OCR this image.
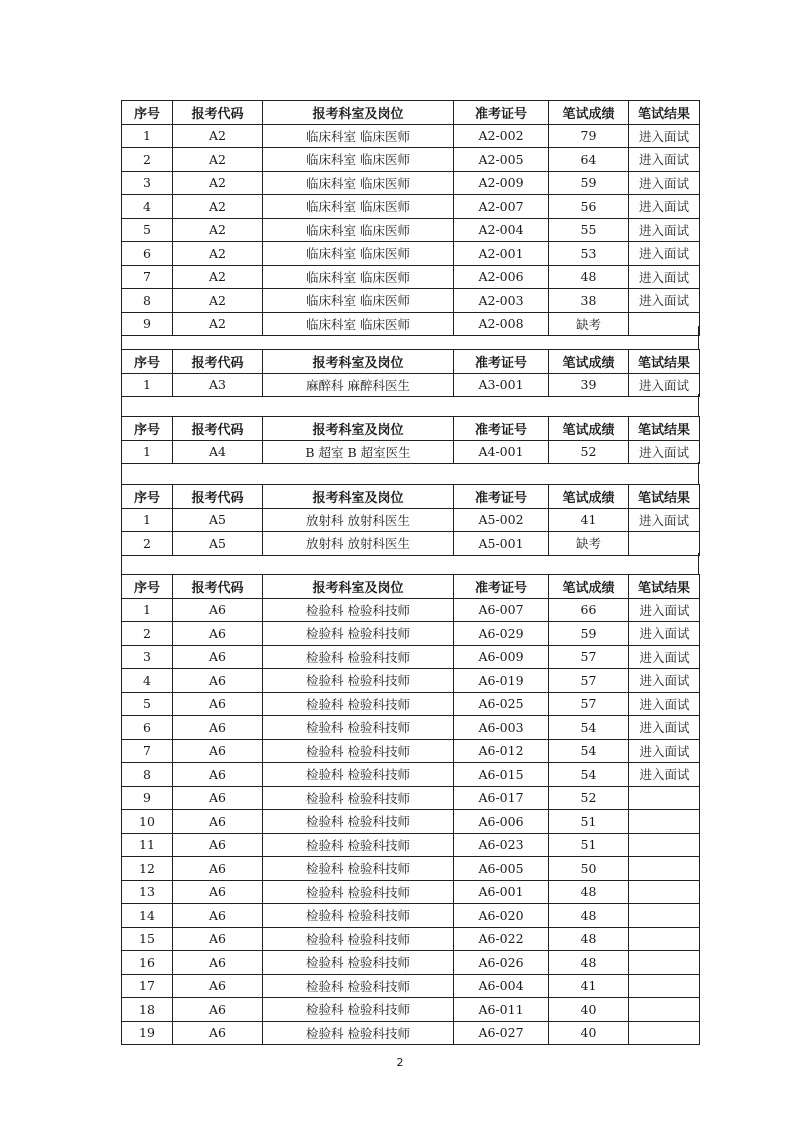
序号	报考代码	报考科室及岗位	准考证号	笔试成绩	笔试结果
1	A2	临床科室 临床医师	A2-002	79	进入面试
2	A2	临床科室 临床医师	A2-005	64	进入面试
3	A2	临床科室 临床医师	A2-009	59	进入面试
4	A2	临床科室 临床医师	A2-007	56	进入面试
5	A2	临床科室 临床医师	A2-004	55	进入面试
6	A2	临床科室 临床医师	A2-001	53	进入面试
7	A2	临床科室 临床医师	A2-006	48	进入面试
8	A2	临床科室 临床医师	A2-003	38	进入面试
9	A2	临床科室 临床医师	A2-008	缺考	
序号	报考代码	报考科室及岗位	准考证号	笔试成绩	笔试结果
1	A3	麻醉科 麻醉科医生	A3-001	39	进入面试
序号	报考代码	报考科室及岗位	准考证号	笔试成绩	笔试结果
1	A4	B 超室 B 超室医生	A4-001	52	进入面试
序号	报考代码	报考科室及岗位	准考证号	笔试成绩	笔试结果
1	A5	放射科 放射科医生	A5-002	41	进入面试
2	A5	放射科 放射科医生	A5-001	缺考	
序号	报考代码	报考科室及岗位	准考证号	笔试成绩	笔试结果
1	A6	检验科 检验科技师	A6-007	66	进入面试
2	A6	检验科 检验科技师	A6-029	59	进入面试
3	A6	检验科 检验科技师	A6-009	57	进入面试
4	A6	检验科 检验科技师	A6-019	57	进入面试
5	A6	检验科 检验科技师	A6-025	57	进入面试
6	A6	检验科 检验科技师	A6-003	54	进入面试
7	A6	检验科 检验科技师	A6-012	54	进入面试
8	A6	检验科 检验科技师	A6-015	54	进入面试
9	A6	检验科 检验科技师	A6-017	52	
10	A6	检验科 检验科技师	A6-006	51	
11	A6	检验科 检验科技师	A6-023	51	
12	A6	检验科 检验科技师	A6-005	50	
13	A6	检验科 检验科技师	A6-001	48	
14	A6	检验科 检验科技师	A6-020	48	
15	A6	检验科 检验科技师	A6-022	48	
16	A6	检验科 检验科技师	A6-026	48	
17	A6	检验科 检验科技师	A6-004	41	
18	A6	检验科 检验科技师	A6-011	40	
19	A6	检验科 检验科技师	A6-027	40	
2
